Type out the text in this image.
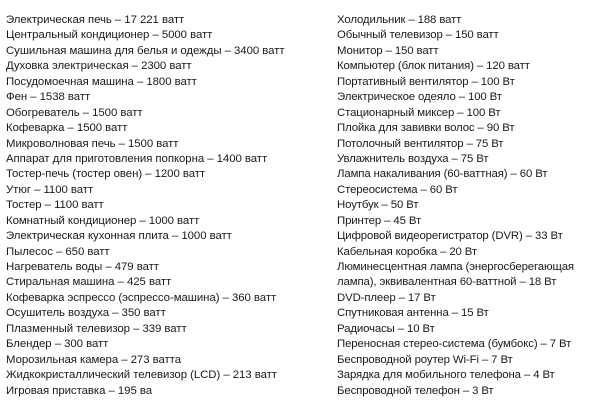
Электрическая печь – 17 221 ватт
Центральный кондиционер – 5000 ватт
Сушильная машина для белья и одежды – 3400 ватт
Духовка электрическая – 2300 ватт
Посудомоечная машина – 1800 ватт
Фен – 1538 ватт
Обогреватель – 1500 ватт
Кофеварка – 1500 ватт
Микроволновая печь – 1500 ватт
Аппарат для приготовления попкорна – 1400 ватт
Тостер-печь (тостер овен) – 1200 ватт
Утюг – 1100 ватт
Тостер – 1100 ватт
Комнатный кондиционер – 1000 ватт
Электрическая кухонная плита – 1000 ватт
Пылесос – 650 ватт
Нагреватель воды – 479 ватт
Стиральная машина – 425 ватт
Кофеварка эспрессо (эспрессо-машина) – 360 ватт
Осушитель воздуха – 350 ватт
Плазменный телевизор – 339 ватт
Блендер – 300 ватт
Морозильная камера – 273 ватта
Жидкокристаллический телевизор (LCD) – 213 ватт
Игровая приставка – 195 ва
Холодильник – 188 ватт
Обычный телевизор – 150 ватт
Монитор – 150 ватт
Компьютер (блок питания) – 120 ватт
Портативный вентилятор – 100 Вт
Электрическое одеяло – 100 Вт
Стационарный миксер – 100 Вт
Плойка для завивки волос – 90 Вт
Потолочный вентилятор – 75 Вт
Увлажнитель воздуха – 75 Вт
Лампа накаливания (60-ваттная) – 60 Вт
Стереосистема – 60 Вт
Ноутбук – 50 Вт
Принтер – 45 Вт
Цифровой видеорегистратор (DVR) – 33 Вт
Кабельная коробка – 20 Вт
Люминесцентная лампа (энергосберегающая
лампа), эквивалентная 60-ваттной – 18 Вт
DVD-плеер – 17 Вт
Спутниковая антенна – 15 Вт
Радиочасы – 10 Вт
Переносная стерео-система (бумбокс) – 7 Вт
Беспроводной роутер Wi-Fi – 7 Вт
Зарядка для мобильного телефона – 4 Вт
Беспроводной телефон – 3 Вт
